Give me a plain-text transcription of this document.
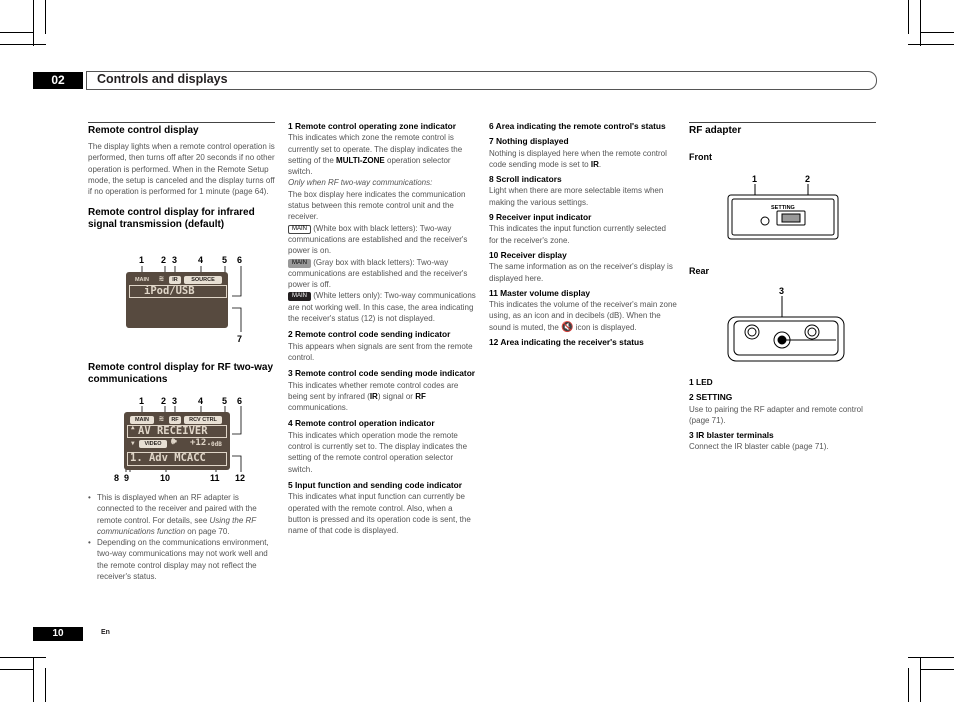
02	Controls and displays
Remote control display

The display lights when a remote control operation is performed, then turns off after 20 seconds if no other operation is performed. When in the Remote Setup mode, the setup is canceled and the display turns off if no operation is performed for 1 minute (page 64).

Remote control display for infrared signal transmission (default)
1 2 3 4 5 6
MAIN	≋	IR	SOURCE
iPod/USB
7
Remote control display for RF two-way communications
1 2 3 4 5 6
MAIN	≋	RF	RCV CTRL
▲ AV RECEIVER
▼	VIDEO	🕪 +12. 0dB
1. Adv MCACC
8 9	10	11 12

• This is displayed when an RF adapter is connected to the receiver and paired with the remote control. For details, see Using the RF communications function on page 70.

• Depending on the communications environment, two-way communications may not work well and the remote control display may not reflect the receiver's status.

1 Remote control operating zone indicator

This indicates which zone the remote control is currently set to operate. The display indicates the setting of the MULTI-ZONE operation selector switch.

Only when RF two-way communications:

The box display here indicates the communication status between this remote control unit and the receiver.

MAIN (White box with black letters): Two-way communications are established and the receiver's power is on.

MAIN (Gray box with black letters): Two-way communications are established and the receiver's power is off.

MAIN (White letters only): Two-way communications are not working well. In this case, the area indicating the receiver's status (12) is not displayed.

2 Remote control code sending indicator

This appears when signals are sent from the remote control.

3 Remote control code sending mode indicator

This indicates whether remote control codes are being sent by infrared (IR) signal or RF communications.

4 Remote control operation indicator

This indicates which operation mode the remote control is currently set to. The display indicates the setting of the remote control operation selector switch.

5 Input function and sending code indicator

This indicates what input function can currently be operated with the remote control. Also, when a button is pressed and its operation code is sent, the name of that code is displayed.

6 Area indicating the remote control's status
7 Nothing displayed

Nothing is displayed here when the remote control code sending mode is set to IR.

8 Scroll indicators

Light when there are more selectable items when making the various settings.

9 Receiver input indicator

This indicates the input function currently selected for the receiver's zone.

10 Receiver display

The same information as on the receiver's display is displayed here.

11 Master volume display

This indicates the volume of the receiver's main zone using, as an icon and in decibels (dB). When the sound is muted, the 🔇 icon is displayed.

12 Area indicating the receiver's status
RF adapter
Front
1	2
SETTING
Rear
3
1 LED
2 SETTING

Use to pairing the RF adapter and remote control (page 71).

3 IR blaster terminals

Connect the IR blaster cable (page 71).

10	En
